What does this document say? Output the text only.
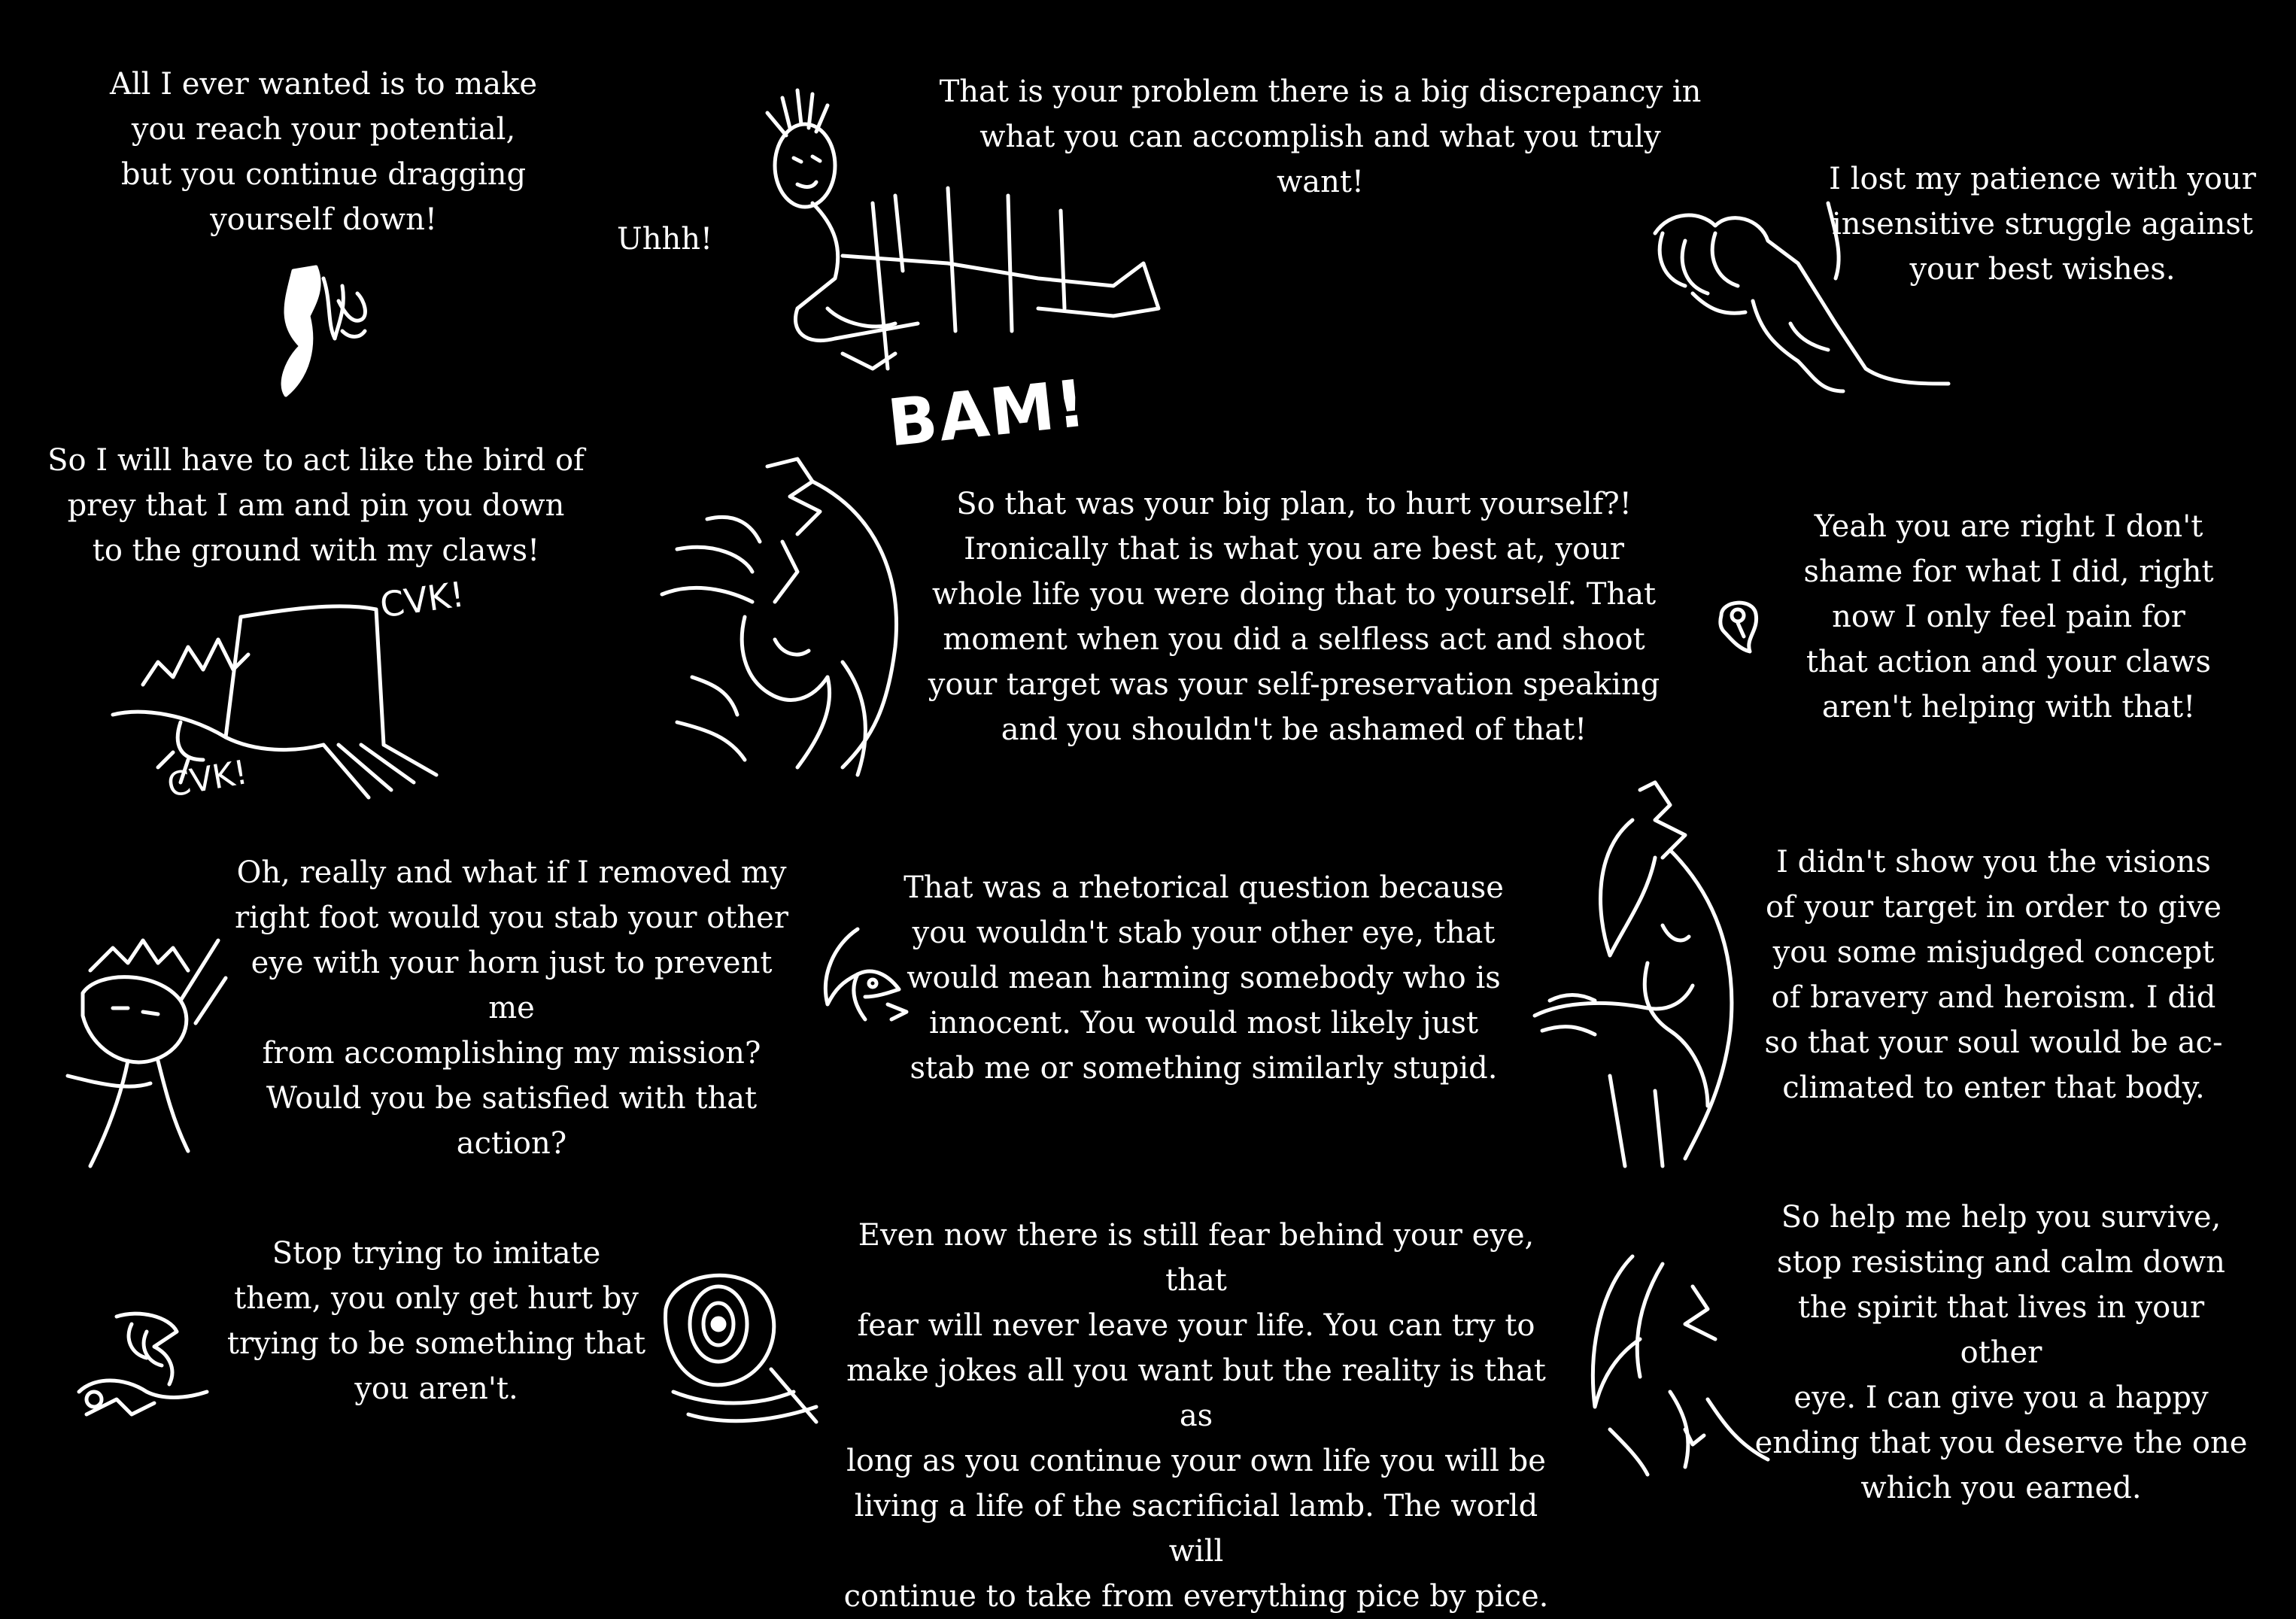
All I ever wanted is to make
you reach your potential,
but you continue dragging
yourself down!
Uhhh!
That is your problem there is a big discrepancy in
what you can accomplish and what you truly want!	I lost my patience with your
insensitive struggle against
your best wishes.
So I will have to act like the bird of
prey that I am and pin you down
to the ground with my claws!
So that was your big plan, to hurt yourself?!
Ironically that is what you are best at, your
whole life you were doing that to yourself. That
moment when you did a selfless act and shoot
your target was your self-preservation speaking
and you shouldn't be ashamed of that!
Yeah you are right I don't
shame for what I did, right
now I only feel pain for
that action and your claws
aren't helping with that!
Oh, really and what if I removed my
right foot would you stab your other
eye with your horn just to prevent me
from accomplishing my mission?
Would you be satisfied with that
action?
That was a rhetorical question because
you wouldn't stab your other eye, that
would mean harming somebody who is
innocent. You would most likely just
stab me or something similarly stupid.
I didn't show you the visions
of your target in order to give
you some misjudged concept
of bravery and heroism. I did
so that your soul would be ac-
climated to enter that body.
Stop trying to imitate
them, you only get hurt by
trying to be something that
you aren't.
Even now there is still fear behind your eye, that
fear will never leave your life. You can try to
make jokes all you want but the reality is that as
long as you continue your own life you will be
living a life of the sacrificial lamb. The world will
continue to take from everything pice by pice.
So help me help you survive,
stop resisting and calm down
the spirit that lives in your other
eye. I can give you a happy
ending that you deserve the one
which you earned.
BAM!
CVK!
CVK!
